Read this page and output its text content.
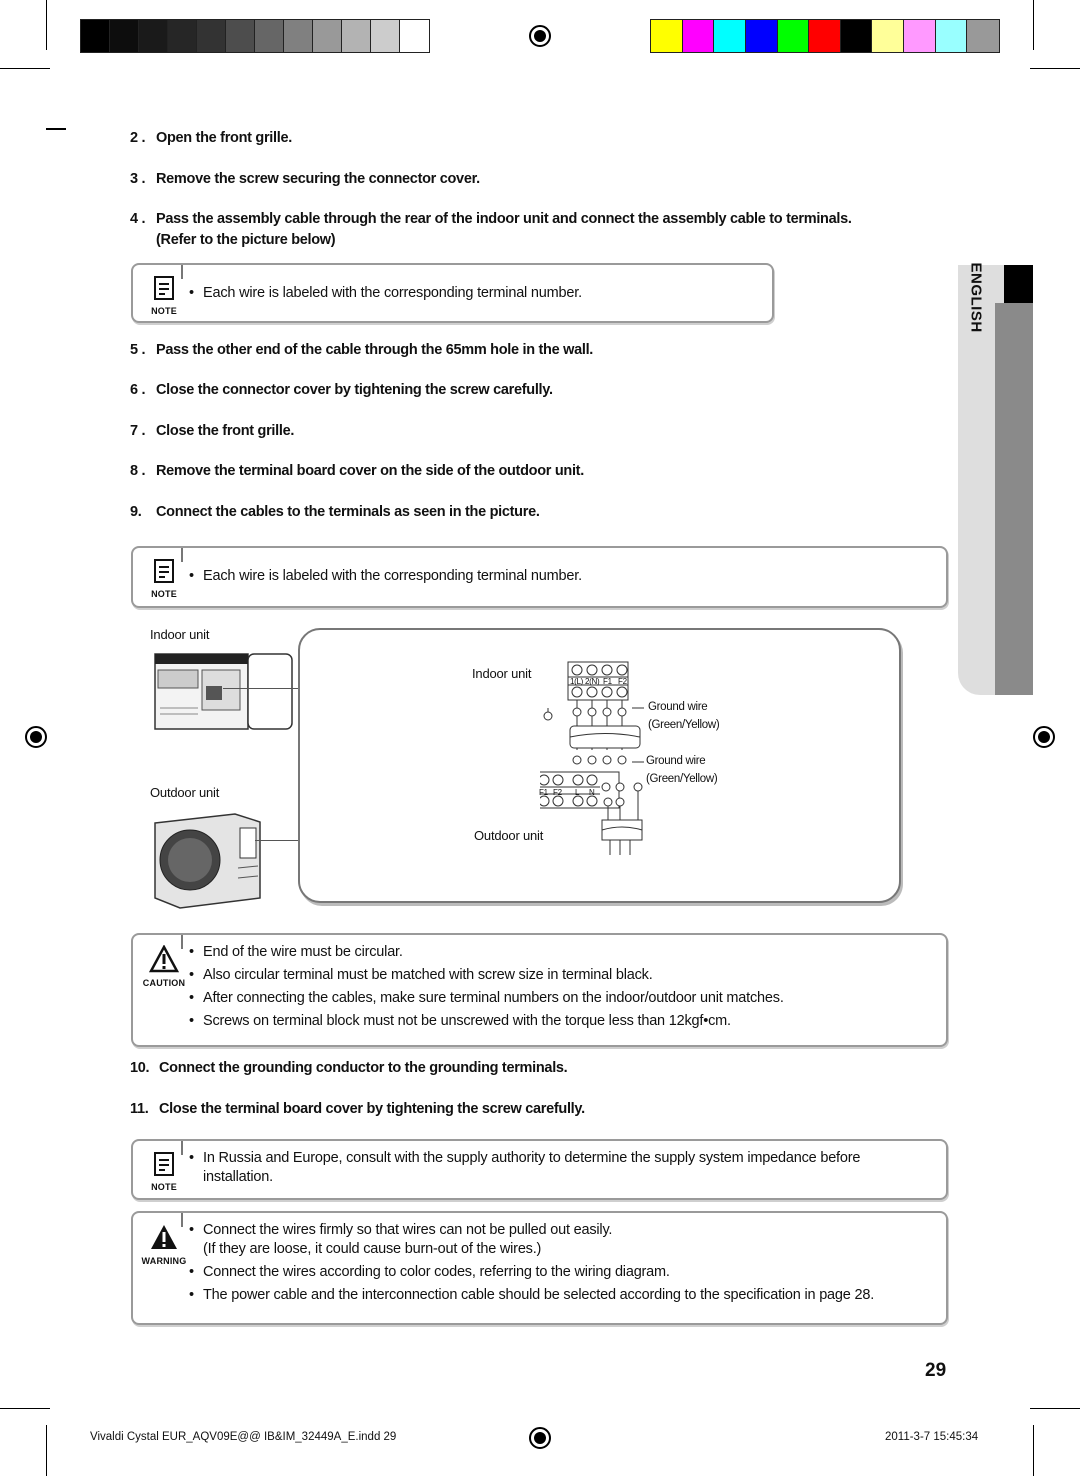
ENGLISH
2 . Open the front grille.
3 . Remove the screw securing the connector cover.
4 . Pass the assembly cable through the rear of the indoor unit and connect the assembly cable to terminals.
(Refer to the picture below)
NOTE
• Each wire is labeled with the corresponding terminal number.
5 . Pass the other end of the cable through the 65mm hole in the wall.
6 . Close the connector cover by tightening the screw carefully.
7 . Close the front grille.
8 . Remove the terminal board cover on the side of the outdoor unit.
9. Connect the cables to the terminals as seen in the picture.
NOTE
• Each wire is labeled with the corresponding terminal number.
Indoor unit
Outdoor unit
Indoor unit
Outdoor unit
1(L) 2(N) F1 F2
F1 F2 L N
Ground wire
(Green/Yellow)
Ground wire
(Green/Yellow)
CAUTION
• End of the wire must be circular.
• Also circular terminal must be matched with screw size in terminal black.
• After connecting the cables, make sure terminal numbers on the indoor/outdoor unit matches.
• Screws on terminal block must not be unscrewed with the torque less than 12kgf•cm.
10. Connect the grounding conductor to the grounding terminals.
11. Close the terminal board cover by tightening the screw carefully.
NOTE
• In Russia and Europe, consult with the supply authority to determine the supply system impedance before
installation.
WARNING
• Connect the wires firmly so that wires can not be pulled out easily.
(If they are loose, it could cause burn-out of the wires.)
• Connect the wires according to color codes, referring to the wiring diagram.
• The power cable and the interconnection cable should be selected according to the specification in page 28.
29
Vivaldi Cystal EUR_AQV09E@@ IB&IM_32449A_E.indd 29	2011-3-7 15:45:34
